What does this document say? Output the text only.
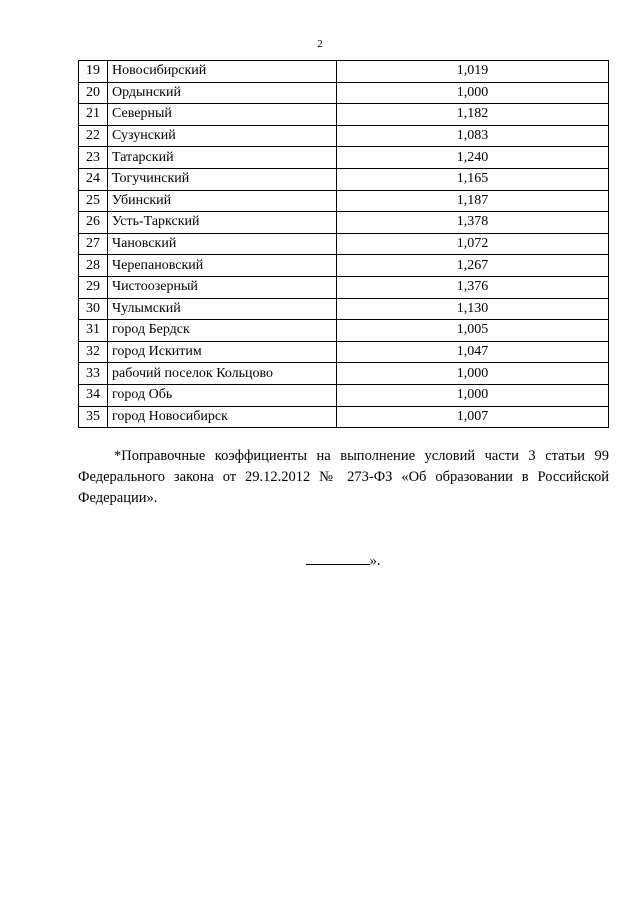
2
19	Новосибирский	1,019
20	Ордынский	1,000
21	Северный	1,182
22	Сузунский	1,083
23	Татарский	1,240
24	Тогучинский	1,165
25	Убинский	1,187
26	Усть-Таркский	1,378
27	Чановский	1,072
28	Черепановский	1,267
29	Чистоозерный	1,376
30	Чулымский	1,130
31	город Бердск	1,005
32	город Искитим	1,047
33	рабочий поселок Кольцово	1,000
34	город Обь	1,000
35	город Новосибирск	1,007

*Поправочные коэффициенты на выполнение условий части 3 статьи 99 Федерального закона от 29.12.2012 № 273-ФЗ «Об образовании в Российской Федерации».

».
